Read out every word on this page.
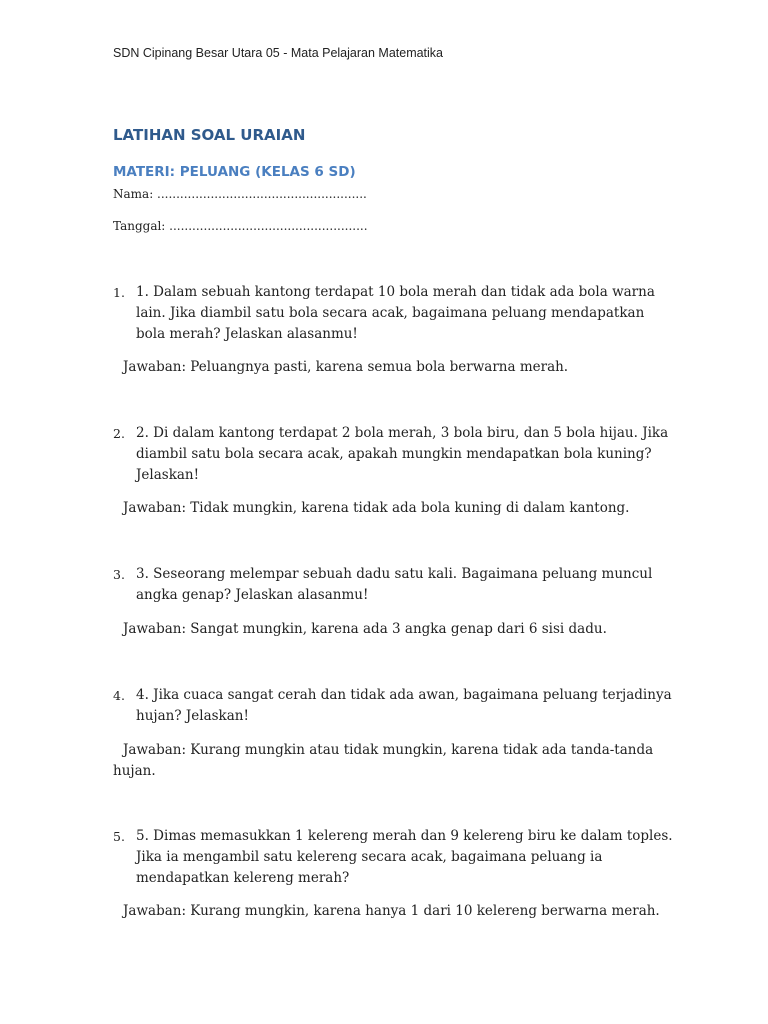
SDN Cipinang Besar Utara 05 - Mata Pelajaran Matematika
LATIHAN SOAL URAIAN
MATERI: PELUANG (KELAS 6 SD)
Nama: .......................................................
Tanggal: ....................................................
1. 1. Dalam sebuah kantong terdapat 10 bola merah dan tidak ada bola warna lain. Jika diambil satu bola secara acak, bagaimana peluang mendapatkan bola merah? Jelaskan alasanmu!
Jawaban: Peluangnya pasti, karena semua bola berwarna merah.
2. 2. Di dalam kantong terdapat 2 bola merah, 3 bola biru, dan 5 bola hijau. Jika diambil satu bola secara acak, apakah mungkin mendapatkan bola kuning? Jelaskan!
Jawaban: Tidak mungkin, karena tidak ada bola kuning di dalam kantong.
3. 3. Seseorang melempar sebuah dadu satu kali. Bagaimana peluang muncul angka genap? Jelaskan alasanmu!
Jawaban: Sangat mungkin, karena ada 3 angka genap dari 6 sisi dadu.
4. 4. Jika cuaca sangat cerah dan tidak ada awan, bagaimana peluang terjadinya hujan? Jelaskan!
Jawaban: Kurang mungkin atau tidak mungkin, karena tidak ada tanda-tanda hujan.
5. 5. Dimas memasukkan 1 kelereng merah dan 9 kelereng biru ke dalam toples. Jika ia mengambil satu kelereng secara acak, bagaimana peluang ia mendapatkan kelereng merah?
Jawaban: Kurang mungkin, karena hanya 1 dari 10 kelereng berwarna merah.
